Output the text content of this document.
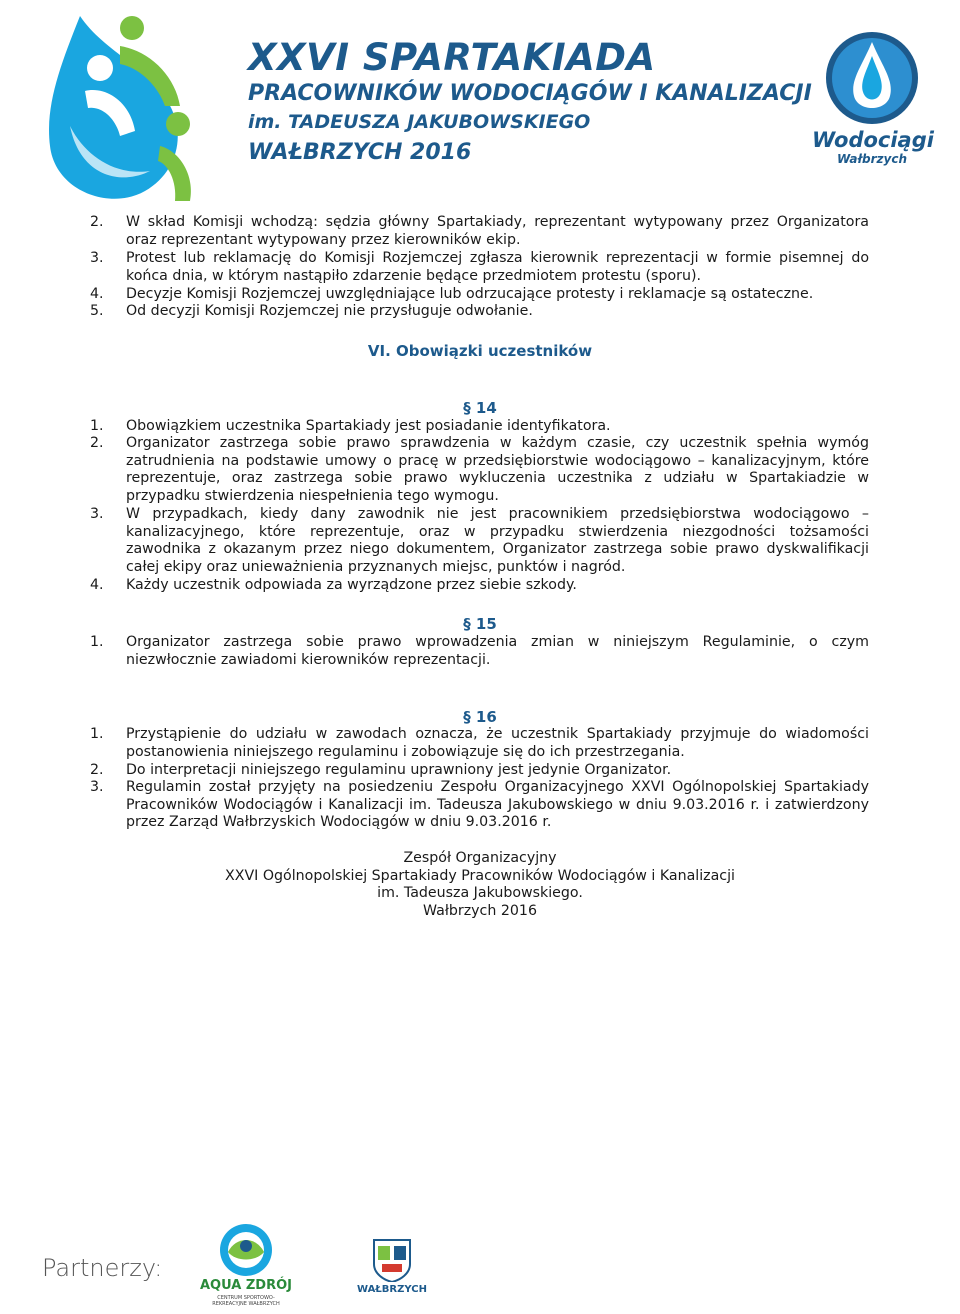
XXVI SPARTAKIADA
PRACOWNIKÓW WODOCIĄGÓW I KANALIZACJI
im. TADEUSZA JAKUBOWSKIEGO
WAŁBRZYCH 2016	Wodociągi
Wałbrzych
2.	W skład Komisji wchodzą: sędzia główny Spartakiady, reprezentant wytypowany przez Organizatora oraz reprezentant wytypowany przez kierowników ekip.
3.	Protest lub reklamację do Komisji Rozjemczej zgłasza kierownik reprezentacji w formie pisemnej do końca dnia, w którym nastąpiło zdarzenie będące przedmiotem protestu (sporu).
4.	Decyzje Komisji Rozjemczej uwzględniające lub odrzucające protesty i reklamacje są ostateczne.
5.	Od decyzji Komisji Rozjemczej nie przysługuje odwołanie.
VI. Obowiązki uczestników
§ 14
1.	Obowiązkiem uczestnika Spartakiady jest posiadanie identyfikatora.
2.	Organizator zastrzega sobie prawo sprawdzenia w każdym czasie, czy uczestnik spełnia wymóg zatrudnienia na podstawie umowy o pracę w przedsiębiorstwie wodociągowo – kanalizacyjnym, które reprezentuje, oraz zastrzega sobie prawo wykluczenia uczestnika z udziału w Spartakiadzie w przypadku stwierdzenia niespełnienia tego wymogu.
3.	W przypadkach, kiedy dany zawodnik nie jest pracownikiem przedsiębiorstwa wodociągowo – kanalizacyjnego, które reprezentuje, oraz w przypadku stwierdzenia niezgodności tożsamości zawodnika z okazanym przez niego dokumentem, Organizator zastrzega sobie prawo dyskwalifikacji całej ekipy oraz unieważnienia przyznanych miejsc, punktów i nagród.
4.	Każdy uczestnik odpowiada za wyrządzone przez siebie szkody.
§ 15
1.	Organizator zastrzega sobie prawo wprowadzenia zmian w niniejszym Regulaminie, o czym niezwłocznie zawiadomi kierowników reprezentacji.
§ 16
1.	Przystąpienie do udziału w zawodach oznacza, że uczestnik Spartakiady przyjmuje do wiadomości postanowienia niniejszego regulaminu i zobowiązuje się do ich przestrzegania.
2.	Do interpretacji niniejszego regulaminu uprawniony jest jedynie Organizator.
3.	Regulamin został przyjęty na posiedzeniu Zespołu Organizacyjnego XXVI Ogólnopolskiej Spartakiady Pracowników Wodociągów i Kanalizacji im. Tadeusza Jakubowskiego w dniu 9.03.2016 r. i zatwierdzony przez Zarząd Wałbrzyskich Wodociągów w dniu 9.03.2016 r.
Zespół Organizacyjny
XXVI Ogólnopolskiej Spartakiady Pracowników Wodociągów i Kanalizacji
im. Tadeusza Jakubowskiego.
Wałbrzych 2016
Partnerzy:
AQUA ZDRÓJ
CENTRUM SPORTOWO-REKREACYJNE WAŁBRZYCH
WAŁBRZYCH
